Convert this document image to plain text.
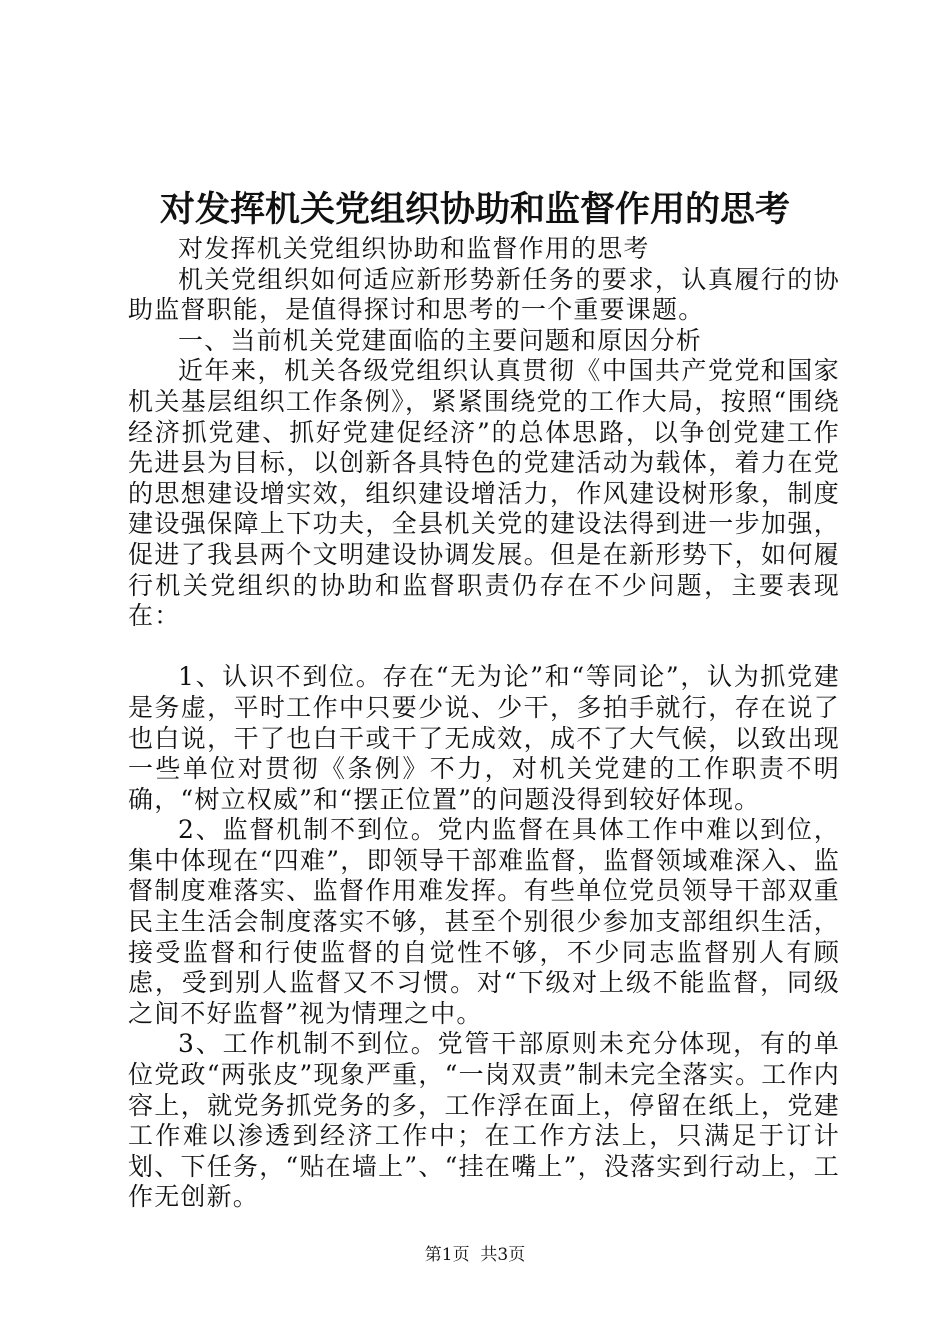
对发挥机关党组织协助和监督作用的思考

对发挥机关党组织协助和监督作用的思考

机关党组织如何适应新形势新任务的要求，认真履行的协助监督职能，是值得探讨和思考的一个重要课题。

一、当前机关党建面临的主要问题和原因分析

近年来，机关各级党组织认真贯彻《中国共产党党和国家机关基层组织工作条例》，紧紧围绕党的工作大局，按照“围绕经济抓党建、抓好党建促经济”的总体思路，以争创党建工作先进县为目标，以创新各具特色的党建活动为载体，着力在党的思想建设增实效，组织建设增活力，作风建设树形象，制度建设强保障上下功夫，全县机关党的建设法得到进一步加强，促进了我县两个文明建设协调发展。但是在新形势下，如何履行机关党组织的协助和监督职责仍存在不少问题，主要表现在：

1、认识不到位。存在“无为论”和“等同论”，认为抓党建是务虚，平时工作中只要少说、少干，多拍手就行，存在说了也白说，干了也白干或干了无成效，成不了大气候，以致出现一些单位对贯彻《条例》不力，对机关党建的工作职责不明确，“树立权威”和“摆正位置”的问题没得到较好体现。

2、监督机制不到位。党内监督在具体工作中难以到位，集中体现在“四难”，即领导干部难监督，监督领域难深入、监督制度难落实、监督作用难发挥。有些单位党员领导干部双重民主生活会制度落实不够，甚至个别很少参加支部组织生活，接受监督和行使监督的自觉性不够，不少同志监督别人有顾虑，受到别人监督又不习惯。对“下级对上级不能监督，同级之间不好监督”视为情理之中。

3、工作机制不到位。党管干部原则未充分体现，有的单位党政“两张皮”现象严重，“一岗双责”制未完全落实。工作内容上，就党务抓党务的多，工作浮在面上，停留在纸上，党建工作难以渗透到经济工作中；在工作方法上，只满足于订计划、下任务，“贴在墙上”、“挂在嘴上”，没落实到行动上，工作无创新。

第1页  共3页
